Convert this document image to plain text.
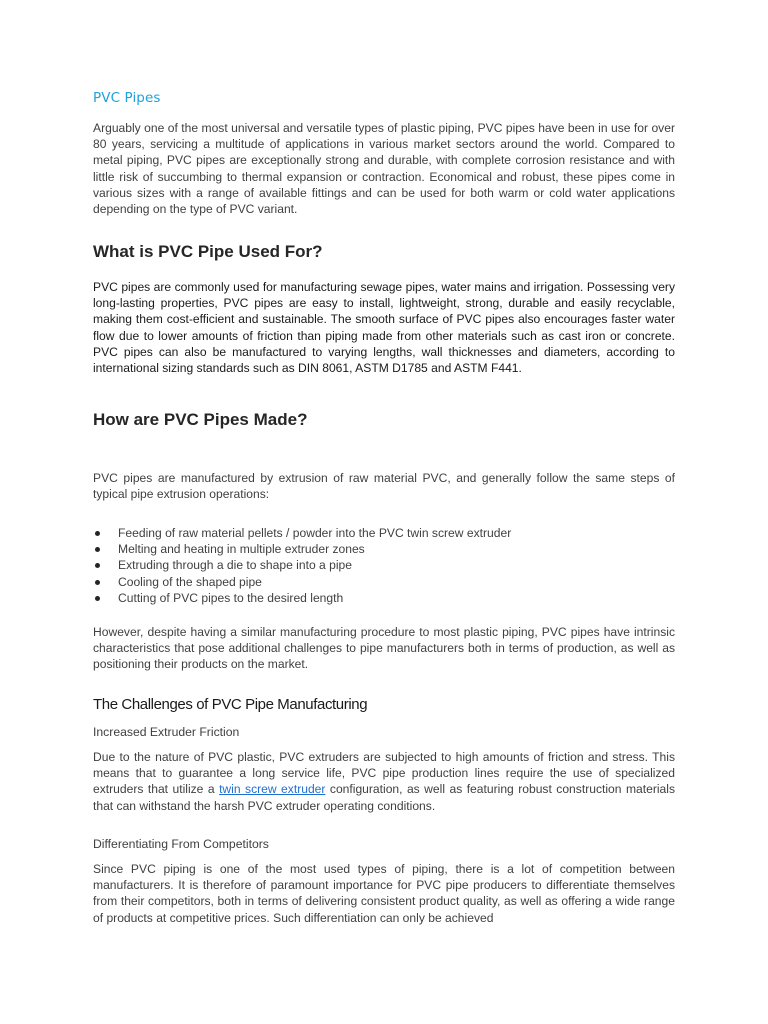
PVC Pipes

Arguably one of the most universal and versatile types of plastic piping, PVC pipes have been in use for over 80 years, servicing a multitude of applications in various market sectors around the world. Compared to metal piping, PVC pipes are exceptionally strong and durable, with complete corrosion resistance and with little risk of succumbing to thermal expansion or contraction. Economical and robust, these pipes come in various sizes with a range of available fittings and can be used for both warm or cold water applications depending on the type of PVC variant.

What is PVC Pipe Used For?

PVC pipes are commonly used for manufacturing sewage pipes, water mains and irrigation. Possessing very long-lasting properties, PVC pipes are easy to install, lightweight, strong, durable and easily recyclable, making them cost-efficient and sustainable. The smooth surface of PVC pipes also encourages faster water flow due to lower amounts of friction than piping made from other materials such as cast iron or concrete. PVC pipes can also be manufactured to varying lengths, wall thicknesses and diameters, according to international sizing standards such as DIN 8061, ASTM D1785 and ASTM F441.

How are PVC Pipes Made?

PVC pipes are manufactured by extrusion of raw material PVC, and generally follow the same steps of typical pipe extrusion operations:

Feeding of raw material pellets / powder into the PVC twin screw extruder
Melting and heating in multiple extruder zones
Extruding through a die to shape into a pipe
Cooling of the shaped pipe
Cutting of PVC pipes to the desired length

However, despite having a similar manufacturing procedure to most plastic piping, PVC pipes have intrinsic characteristics that pose additional challenges to pipe manufacturers both in terms of production, as well as positioning their products on the market.

The Challenges of PVC Pipe Manufacturing
Increased Extruder Friction

Due to the nature of PVC plastic, PVC extruders are subjected to high amounts of friction and stress. This means that to guarantee a long service life, PVC pipe production lines require the use of specialized extruders that utilize a twin screw extruder configuration, as well as featuring robust construction materials that can withstand the harsh PVC extruder operating conditions.

Differentiating From Competitors

Since PVC piping is one of the most used types of piping, there is a lot of competition between manufacturers. It is therefore of paramount importance for PVC pipe producers to differentiate themselves from their competitors, both in terms of delivering consistent product quality, as well as offering a wide range of products at competitive prices. Such differentiation can only be achieved
